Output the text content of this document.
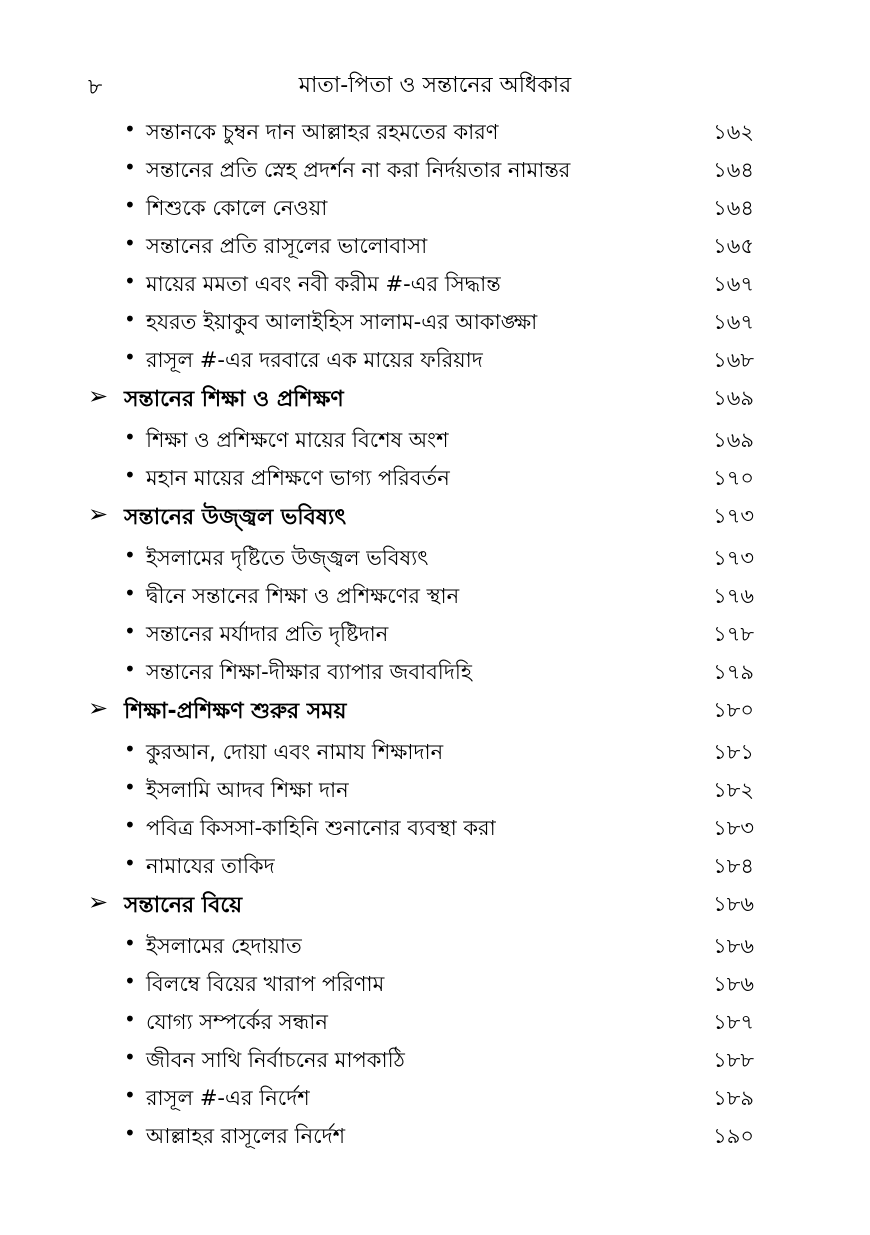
৮	মাতা-পিতা ও সন্তানের অধিকার
• সন্তানকে চুম্বন দান আল্লাহর রহমতের কারণ	১৬২
• সন্তানের প্রতি স্নেহ প্রদর্শন না করা নির্দয়তার নামান্তর	১৬৪
• শিশুকে কোলে নেওয়া	১৬৪
• সন্তানের প্রতি রাসূলের ভালোবাসা	১৬৫
• মায়ের মমতা এবং নবী করীম #-এর সিদ্ধান্ত	১৬৭
• হযরত ইয়াকুব আলাইহিস সালাম-এর আকাঙ্ক্ষা	১৬৭
• রাসূল #-এর দরবারে এক মায়ের ফরিয়াদ	১৬৮
➢ সন্তানের শিক্ষা ও প্রশিক্ষণ	১৬৯
• শিক্ষা ও প্রশিক্ষণে মায়ের বিশেষ অংশ	১৬৯
• মহান মায়ের প্রশিক্ষণে ভাগ্য পরিবর্তন	১৭০
➢ সন্তানের উজ্জ্বল ভবিষ্যৎ	১৭৩
• ইসলামের দৃষ্টিতে উজ্জ্বল ভবিষ্যৎ	১৭৩
• দ্বীনে সন্তানের শিক্ষা ও প্রশিক্ষণের স্থান	১৭৬
• সন্তানের মর্যাদার প্রতি দৃষ্টিদান	১৭৮
• সন্তানের শিক্ষা-দীক্ষার ব্যাপার জবাবদিহি	১৭৯
➢ শিক্ষা-প্রশিক্ষণ শুরুর সময়	১৮০
• কুরআন, দোয়া এবং নামায শিক্ষাদান	১৮১
• ইসলামি আদব শিক্ষা দান	১৮২
• পবিত্র কিসসা-কাহিনি শুনানোর ব্যবস্থা করা	১৮৩
• নামাযের তাকিদ	১৮৪
➢ সন্তানের বিয়ে	১৮৬
• ইসলামের হেদায়াত	১৮৬
• বিলম্বে বিয়ের খারাপ পরিণাম	১৮৬
• যোগ্য সম্পর্কের সন্ধান	১৮৭
• জীবন সাথি নির্বাচনের মাপকাঠি	১৮৮
• রাসূল #-এর নির্দেশ	১৮৯
• আল্লাহর রাসূলের নির্দেশ	১৯০
